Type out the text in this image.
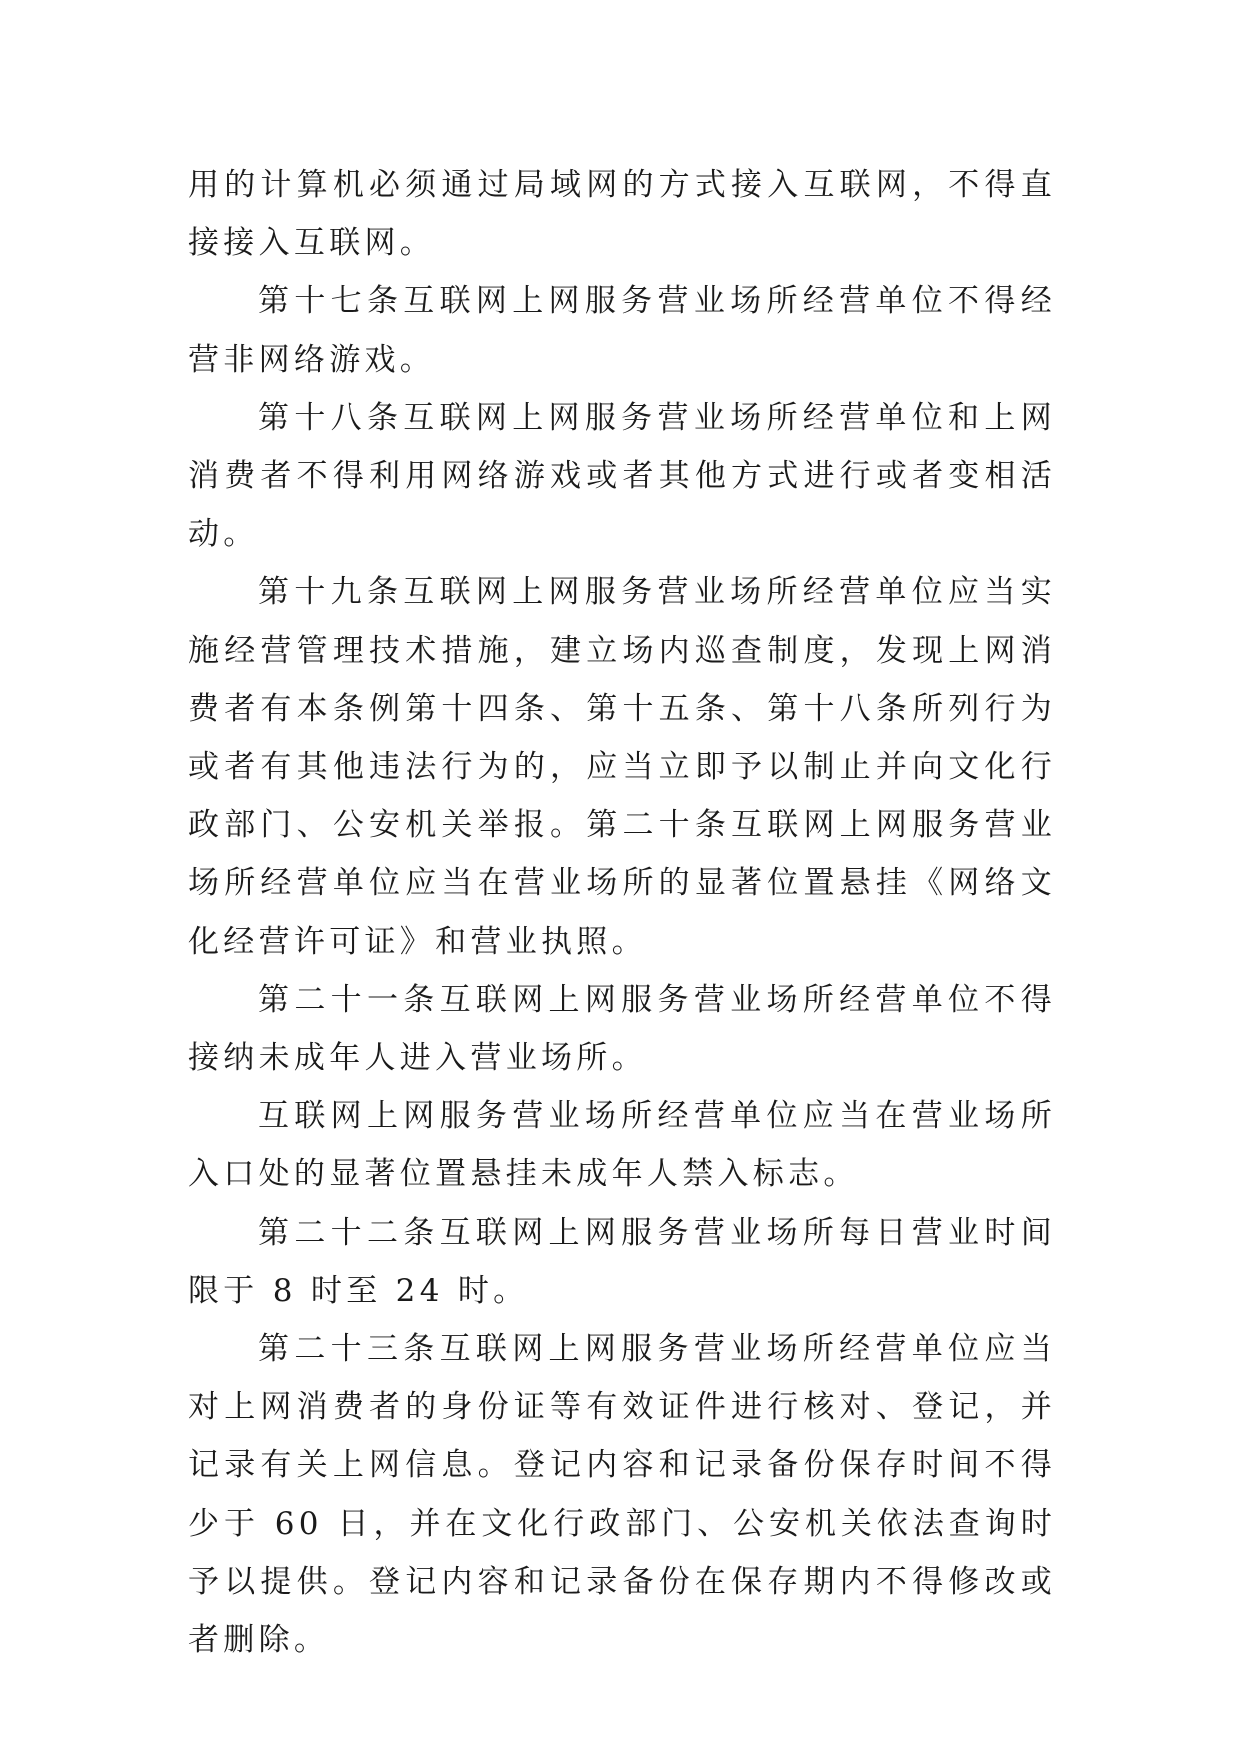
用的计算机必须通过局域网的方式接入互联网，不得直接接入互联网。

第十七条互联网上网服务营业场所经营单位不得经营非网络游戏。

第十八条互联网上网服务营业场所经营单位和上网消费者不得利用网络游戏或者其他方式进行或者变相活动。

第十九条互联网上网服务营业场所经营单位应当实施经营管理技术措施，建立场内巡查制度，发现上网消费者有本条例第十四条、第十五条、第十八条所列行为或者有其他违法行为的，应当立即予以制止并向文化行政部门、公安机关举报。第二十条互联网上网服务营业场所经营单位应当在营业场所的显著位置悬挂《网络文化经营许可证》和营业执照。

第二十一条互联网上网服务营业场所经营单位不得接纳未成年人进入营业场所。

互联网上网服务营业场所经营单位应当在营业场所入口处的显著位置悬挂未成年人禁入标志。

第二十二条互联网上网服务营业场所每日营业时间限于 8 时至 24 时。

第二十三条互联网上网服务营业场所经营单位应当对上网消费者的身份证等有效证件进行核对、登记，并记录有关上网信息。登记内容和记录备份保存时间不得少于 60 日，并在文化行政部门、公安机关依法查询时予以提供。登记内容和记录备份在保存期内不得修改或者删除。
